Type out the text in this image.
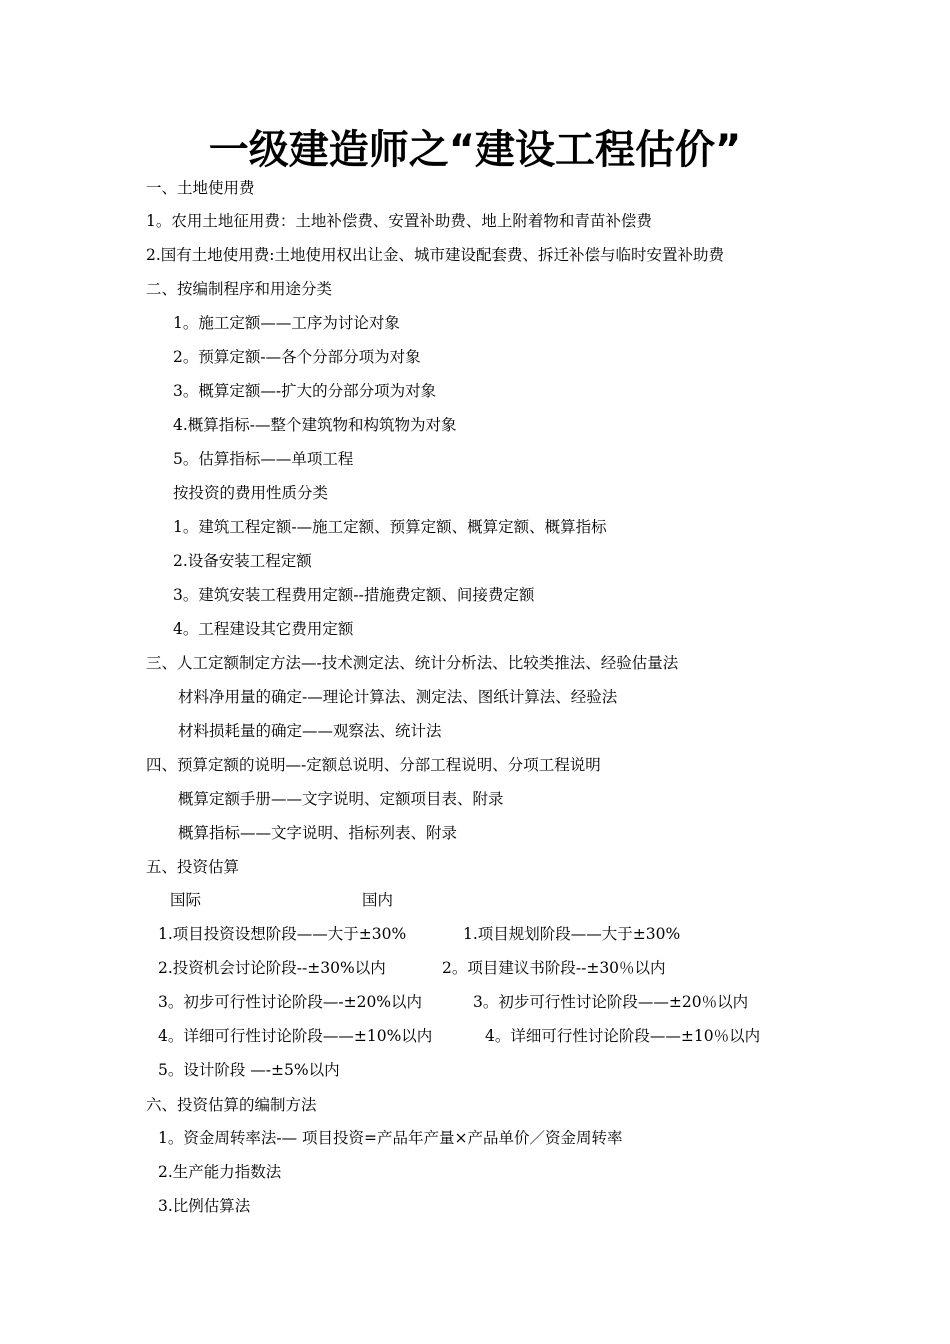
一级建造师之“建设工程估价”
一、土地使用费
1。农用土地征用费：土地补偿费、安置补助费、地上附着物和青苗补偿费
2.国有土地使用费:土地使用权出让金、城市建设配套费、拆迁补偿与临时安置补助费
二、按编制程序和用途分类
1。施工定额——工序为讨论对象
2。预算定额-—各个分部分项为对象
3。概算定额—-扩大的分部分项为对象
4.概算指标-—整个建筑物和构筑物为对象
5。估算指标——单项工程
按投资的费用性质分类
1。建筑工程定额-—施工定额、预算定额、概算定额、概算指标
2.设备安装工程定额
3。建筑安装工程费用定额--措施费定额、间接费定额
4。工程建设其它费用定额
三、人工定额制定方法—-技术测定法、统计分析法、比较类推法、经验估量法
材料净用量的确定-—理论计算法、测定法、图纸计算法、经验法
材料损耗量的确定——观察法、统计法
四、预算定额的说明—-定额总说明、分部工程说明、分项工程说明
概算定额手册——文字说明、定额项目表、附录
概算指标——文字说明、指标列表、附录
五、投资估算
国际	国内
1.项目投资设想阶段——大于±30%	1.项目规划阶段——大于±30%
2.投资机会讨论阶段--±30%以内	2。项目建议书阶段--±30％以内
3。初步可行性讨论阶段—-±20%以内	3。初步可行性讨论阶段——±20％以内
4。详细可行性讨论阶段——±10%以内	4。详细可行性讨论阶段——±10％以内
5。设计阶段 —-±5%以内
六、投资估算的编制方法
1。资金周转率法-— 项目投资=产品年产量×产品单价／资金周转率
2.生产能力指数法
3.比例估算法
